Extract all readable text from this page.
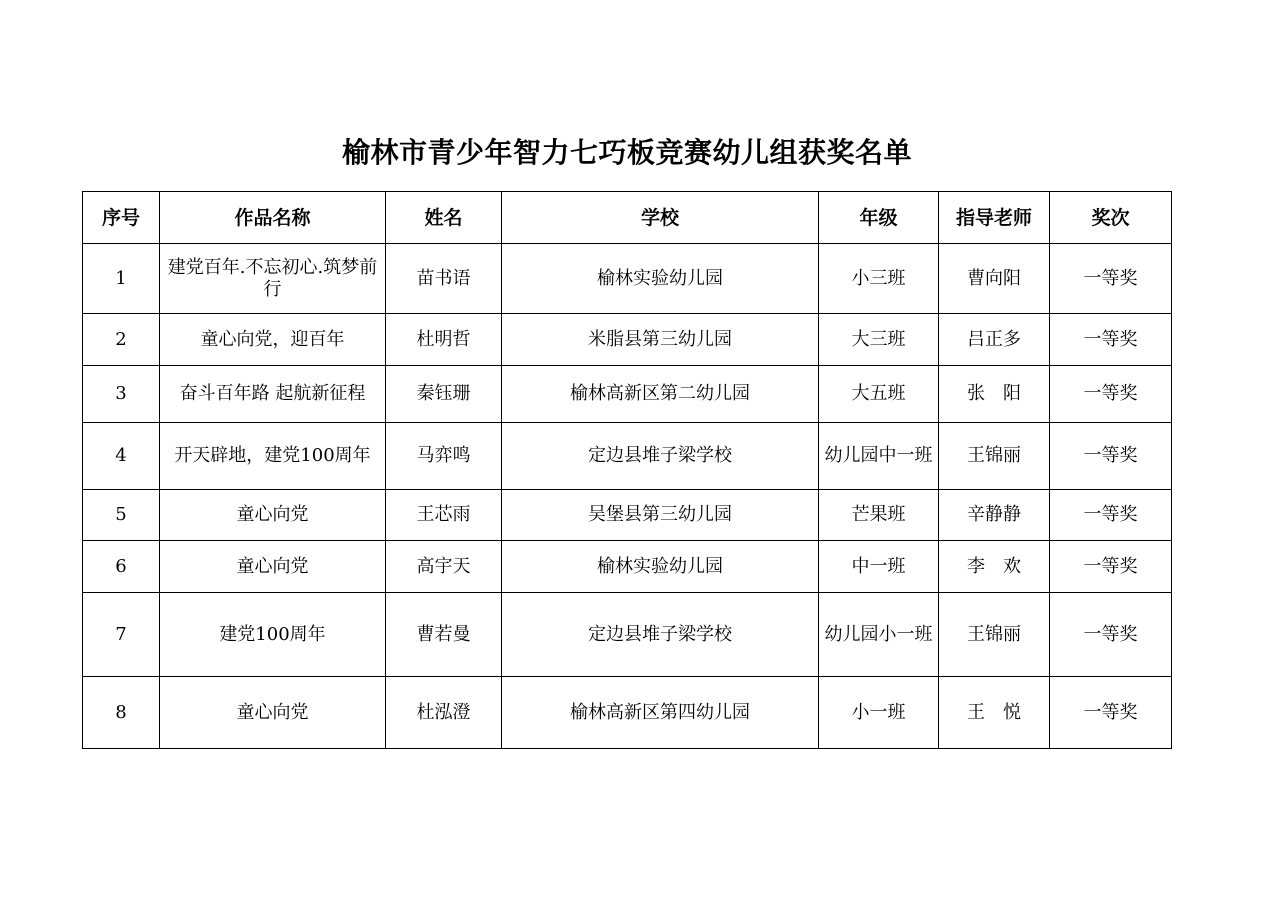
榆林市青少年智力七巧板竞赛幼儿组获奖名单
序号	作品名称	姓名	学校	年级	指导老师	奖次
1	建党百年.不忘初心.筑梦前行	苗书语	榆林实验幼儿园	小三班	曹向阳	一等奖
2	童心向党，迎百年	杜明哲	米脂县第三幼儿园	大三班	吕正多	一等奖
3	奋斗百年路 起航新征程	秦钰珊	榆林高新区第二幼儿园	大五班	张　阳	一等奖
4	开天辟地，建党100周年	马弈鸣	定边县堆子梁学校	幼儿园中一班	王锦丽	一等奖
5	童心向党	王芯雨	吴堡县第三幼儿园	芒果班	辛静静	一等奖
6	童心向党	高宇天	榆林实验幼儿园	中一班	李　欢	一等奖
7	建党100周年	曹若曼	定边县堆子梁学校	幼儿园小一班	王锦丽	一等奖
8	童心向党	杜泓澄	榆林高新区第四幼儿园	小一班	王　悦	一等奖
